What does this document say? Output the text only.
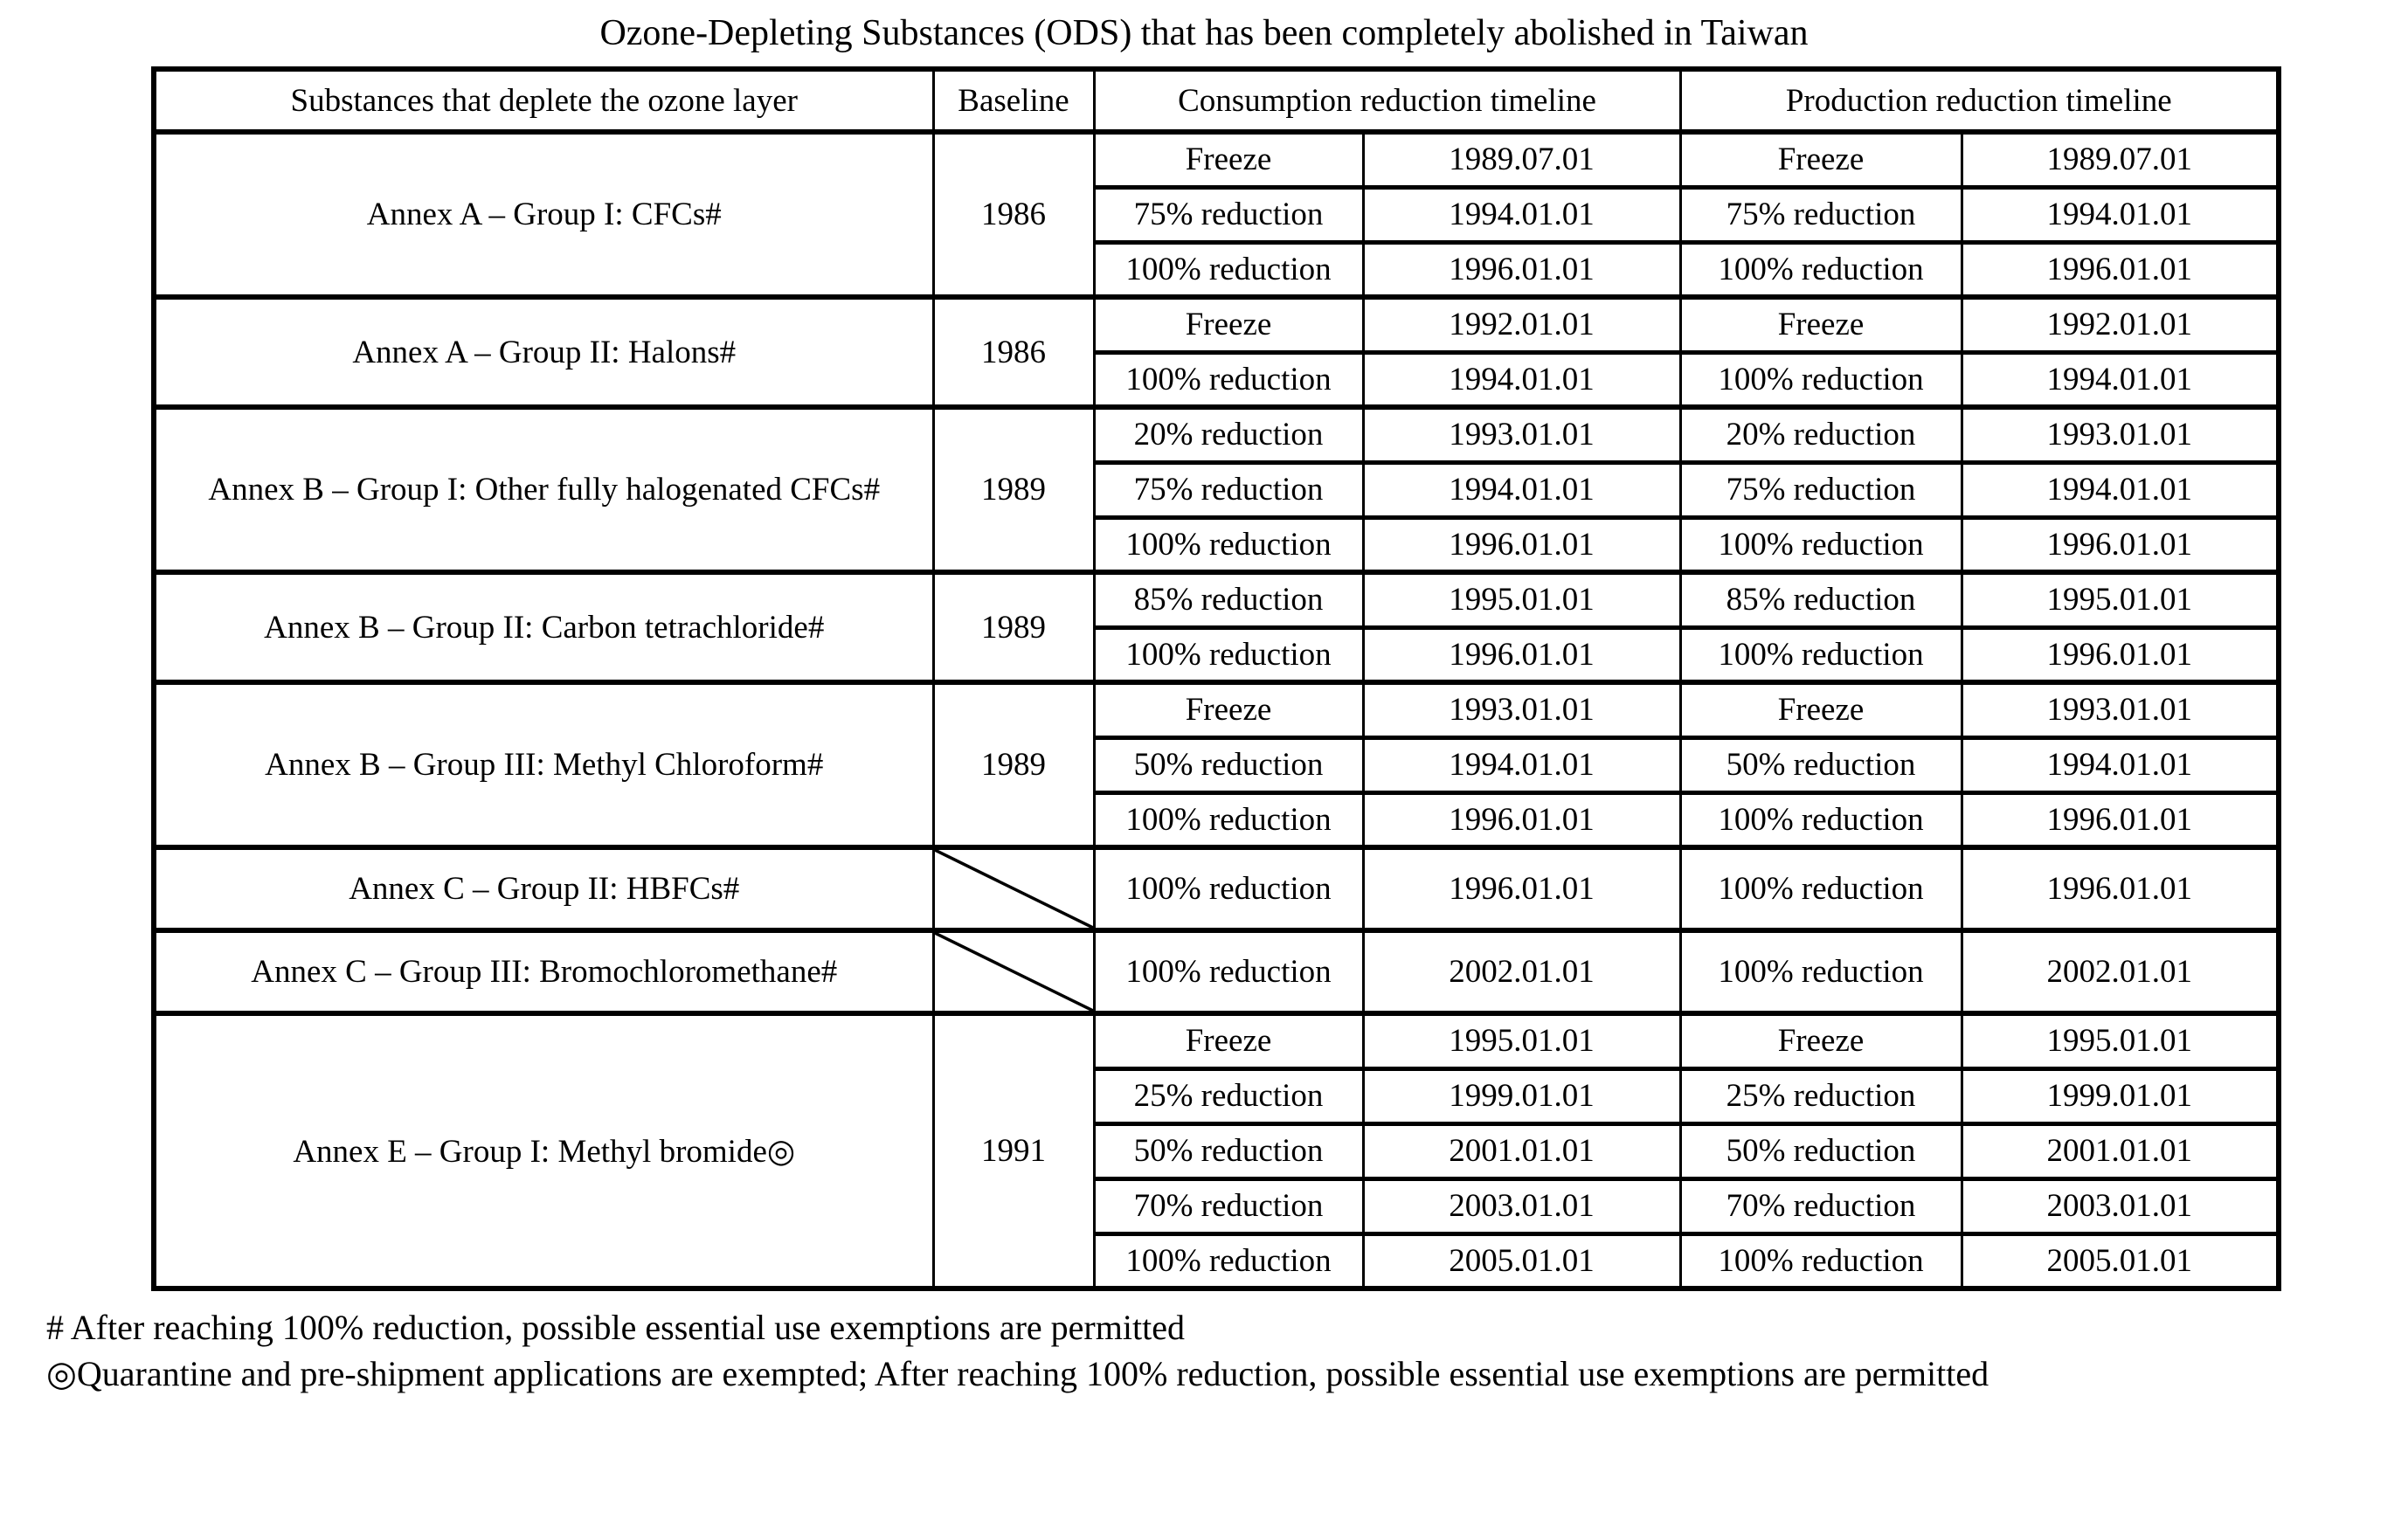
Ozone-Depleting Substances (ODS) that has been completely abolished in Taiwan
Substances that deplete the ozone layer	Baseline	Consumption reduction timeline		Production reduction timeline	
Annex A – Group I: CFCs#	1986	Freeze	1989.07.01	Freeze	1989.07.01
		75% reduction	1994.01.01	75% reduction	1994.01.01
		100% reduction	1996.01.01	100% reduction	1996.01.01
Annex A – Group II: Halons#	1986	Freeze	1992.01.01	Freeze	1992.01.01
		100% reduction	1994.01.01	100% reduction	1994.01.01
Annex B – Group I: Other fully halogenated CFCs#	1989	20% reduction	1993.01.01	20% reduction	1993.01.01
		75% reduction	1994.01.01	75% reduction	1994.01.01
		100% reduction	1996.01.01	100% reduction	1996.01.01
Annex B – Group II: Carbon tetrachloride#	1989	85% reduction	1995.01.01	85% reduction	1995.01.01
		100% reduction	1996.01.01	100% reduction	1996.01.01
Annex B – Group III: Methyl Chloroform#	1989	Freeze	1993.01.01	Freeze	1993.01.01
		50% reduction	1994.01.01	50% reduction	1994.01.01
		100% reduction	1996.01.01	100% reduction	1996.01.01
Annex C – Group II: HBFCs#		100% reduction	1996.01.01	100% reduction	1996.01.01
Annex C – Group III: Bromochloromethane#		100% reduction	2002.01.01	100% reduction	2002.01.01
Annex E – Group I: Methyl bromide◎	1991	Freeze	1995.01.01	Freeze	1995.01.01
		25% reduction	1999.01.01	25% reduction	1999.01.01
		50% reduction	2001.01.01	50% reduction	2001.01.01
		70% reduction	2003.01.01	70% reduction	2003.01.01
		100% reduction	2005.01.01	100% reduction	2005.01.01
# After reaching 100% reduction, possible essential use exemptions are permitted
◎Quarantine and pre-shipment applications are exempted; After reaching 100% reduction, possible essential use exemptions are permitted
